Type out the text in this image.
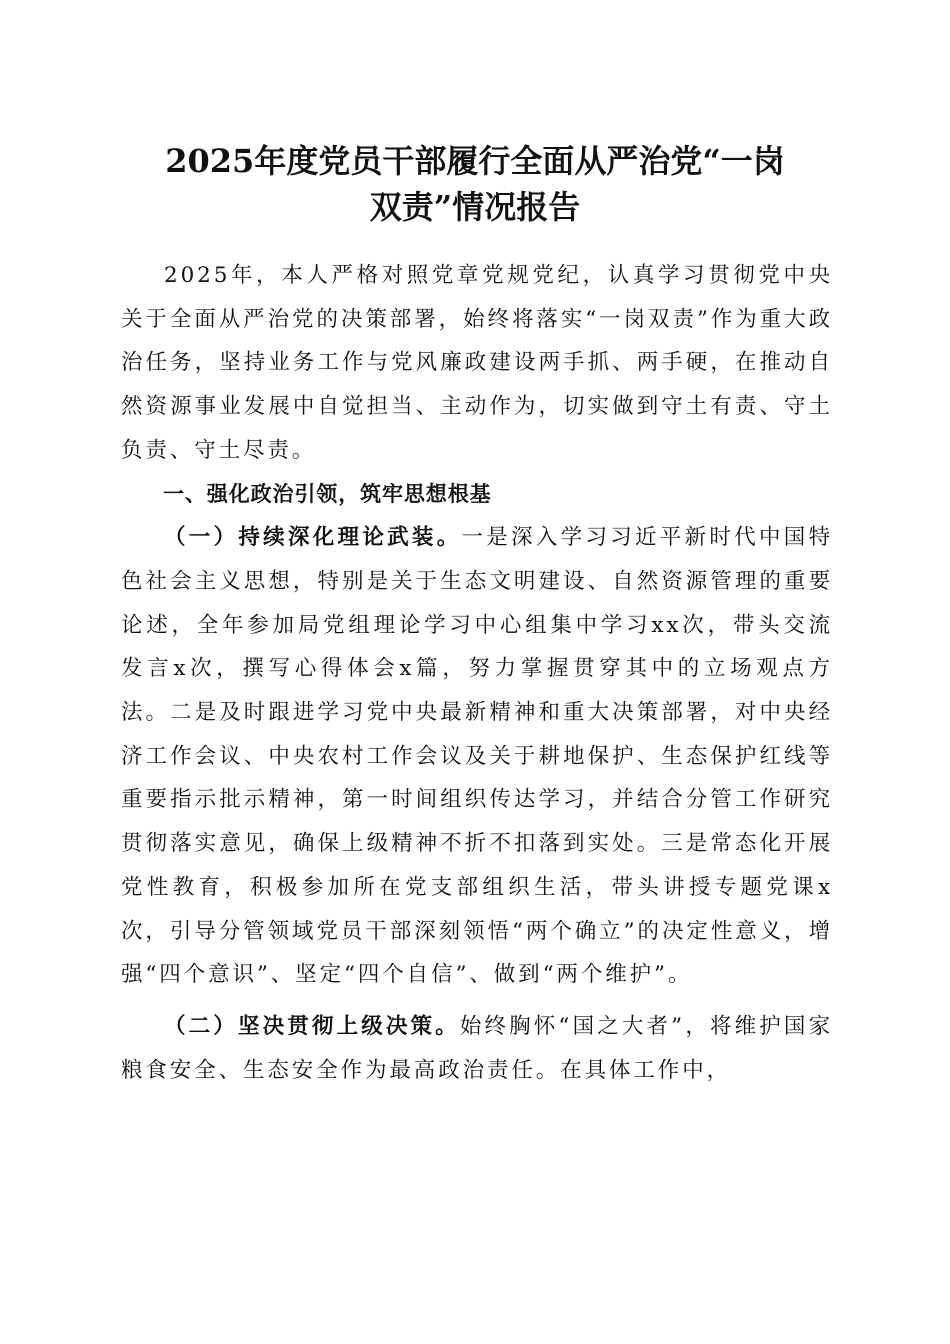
2025年度党员干部履行全面从严治党“一岗
双责”情况报告

2025年，本人严格对照党章党规党纪，认真学习贯彻党中央关于全面从严治党的决策部署，始终将落实“一岗双责”作为重大政治任务，坚持业务工作与党风廉政建设两手抓、两手硬，在推动自然资源事业发展中自觉担当、主动作为，切实做到守土有责、守土负责、守土尽责。

一、强化政治引领，筑牢思想根基

（一）持续深化理论武装。一是深入学习习近平新时代中国特色社会主义思想，特别是关于生态文明建设、自然资源管理的重要论述，全年参加局党组理论学习中心组集中学习xx次，带头交流发言x次，撰写心得体会x篇，努力掌握贯穿其中的立场观点方法。二是及时跟进学习党中央最新精神和重大决策部署，对中央经济工作会议、中央农村工作会议及关于耕地保护、生态保护红线等重要指示批示精神，第一时间组织传达学习，并结合分管工作研究贯彻落实意见，确保上级精神不折不扣落到实处。三是常态化开展党性教育，积极参加所在党支部组织生活，带头讲授专题党课x次，引导分管领域党员干部深刻领悟“两个确立”的决定性意义，增强“四个意识”、坚定“四个自信”、做到“两个维护”。

（二）坚决贯彻上级决策。始终胸怀“国之大者”，将维护国家粮食安全、生态安全作为最高政治责任。在具体工作中，
